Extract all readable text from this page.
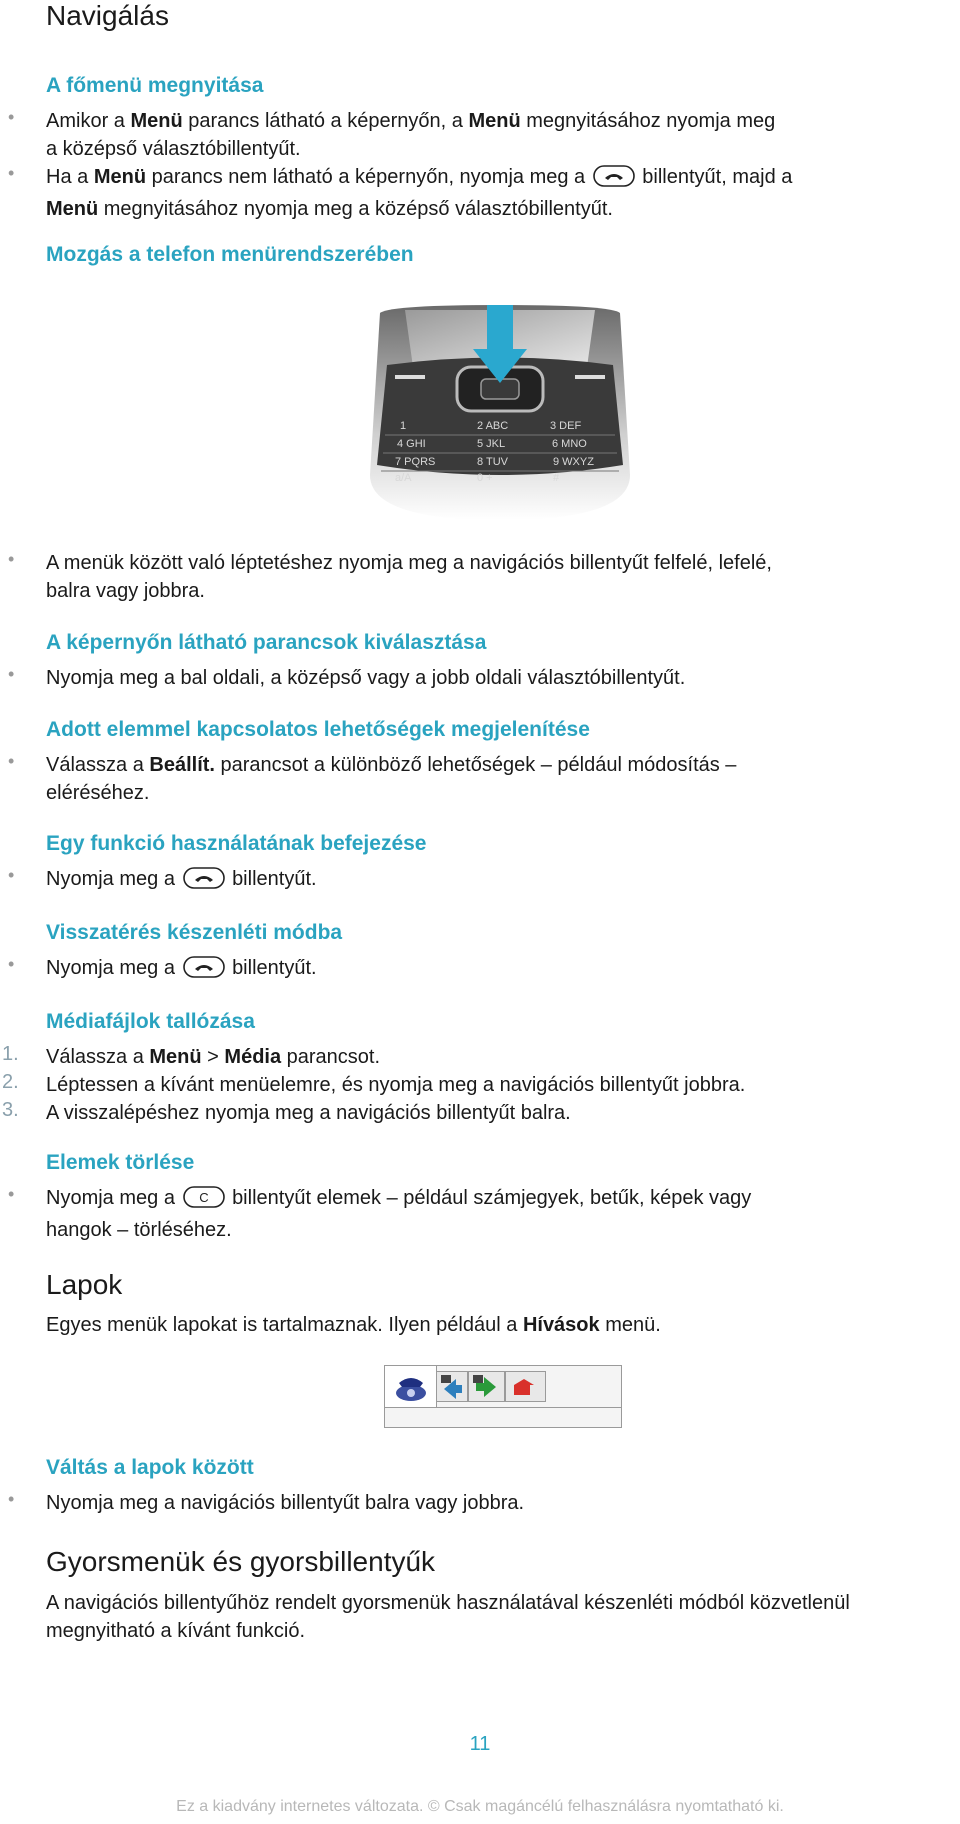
Navigálás
A főmenü megnyitása
• Amikor a Menü parancs látható a képernyőn, a Menü megnyitásához nyomja meg
a középső választóbillentyűt.

• Ha a Menü parancs nem látható a képernyőn, nyomja meg a	billentyűt, majd a
Menü megnyitásához nyomja meg a középső választóbillentyűt.

Mozgás a telefon menürendszerében
1	2 ABC	3 DEF
4 GHI	5 JKL	6 MNO
7 PQRS	8 TUV	9 WXYZ
a/A	0 +	#
• A menük között való léptetéshez nyomja meg a navigációs billentyűt felfelé, lefelé,
balra vagy jobbra.

A képernyőn látható parancsok kiválasztása
• Nyomja meg a bal oldali, a középső vagy a jobb oldali választóbillentyűt.

Adott elemmel kapcsolatos lehetőségek megjelenítése
• Válassza a Beállít. parancsot a különböző lehetőségek – például módosítás –
eléréséhez.

Egy funkció használatának befejezése
• Nyomja meg a	billentyűt.

Visszatérés készenléti módba
• Nyomja meg a	billentyűt.

Médiafájlok tallózása
1. Válassza a Menü > Média parancsot.

2. Léptessen a kívánt menüelemre, és nyomja meg a navigációs billentyűt jobbra.

3. A visszalépéshez nyomja meg a navigációs billentyűt balra.

Elemek törlése
• Nyomja meg a C billentyűt elemek – például számjegyek, betűk, képek vagy
hangok – törléséhez.

Lapok

Egyes menük lapokat is tartalmaznak. Ilyen például a Hívások menü.

Váltás a lapok között
• Nyomja meg a navigációs billentyűt balra vagy jobbra.

Gyorsmenük és gyorsbillentyűk

A navigációs billentyűhöz rendelt gyorsmenük használatával készenléti módból közvetlenül
megnyitható a kívánt funkció.

11
Ez a kiadvány internetes változata. © Csak magáncélú felhasználásra nyomtatható ki.
